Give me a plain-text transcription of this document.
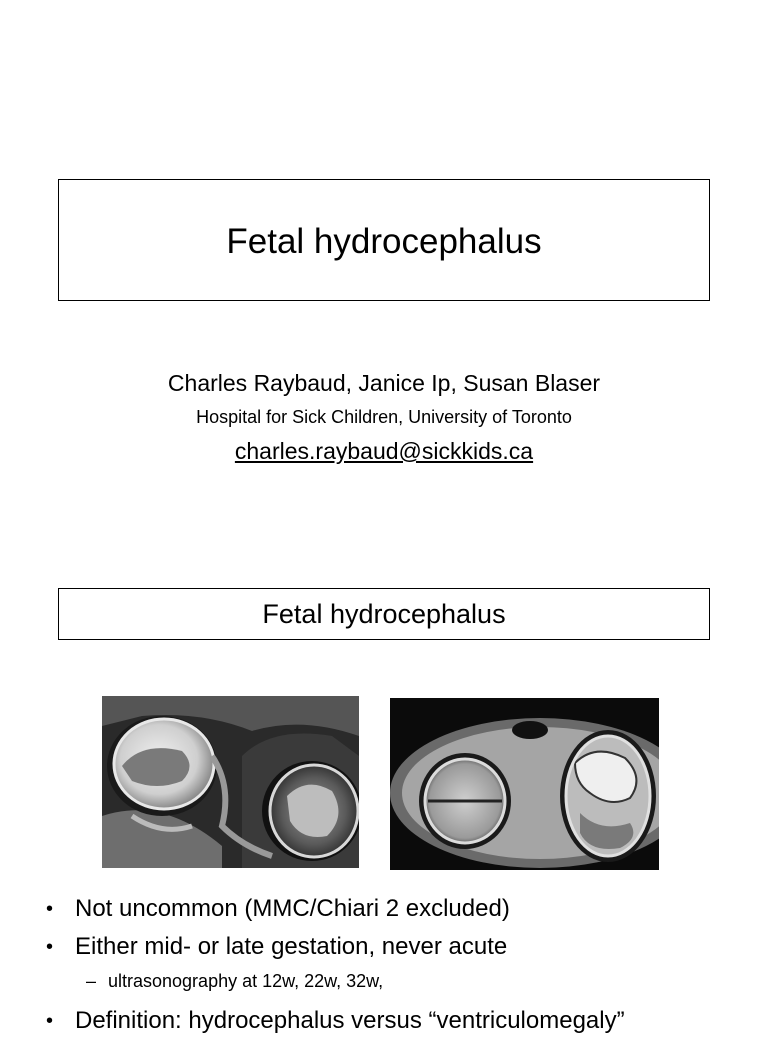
Fetal hydrocephalus
Charles Raybaud, Janice Ip, Susan Blaser
Hospital for Sick Children, University of Toronto
charles.raybaud@sickkids.ca
Fetal hydrocephalus
• Not uncommon (MMC/Chiari 2 excluded)
• Either mid- or late gestation, never acute
– ultrasonography at 12w, 22w, 32w,
• Definition: hydrocephalus versus “ventriculomegaly”
